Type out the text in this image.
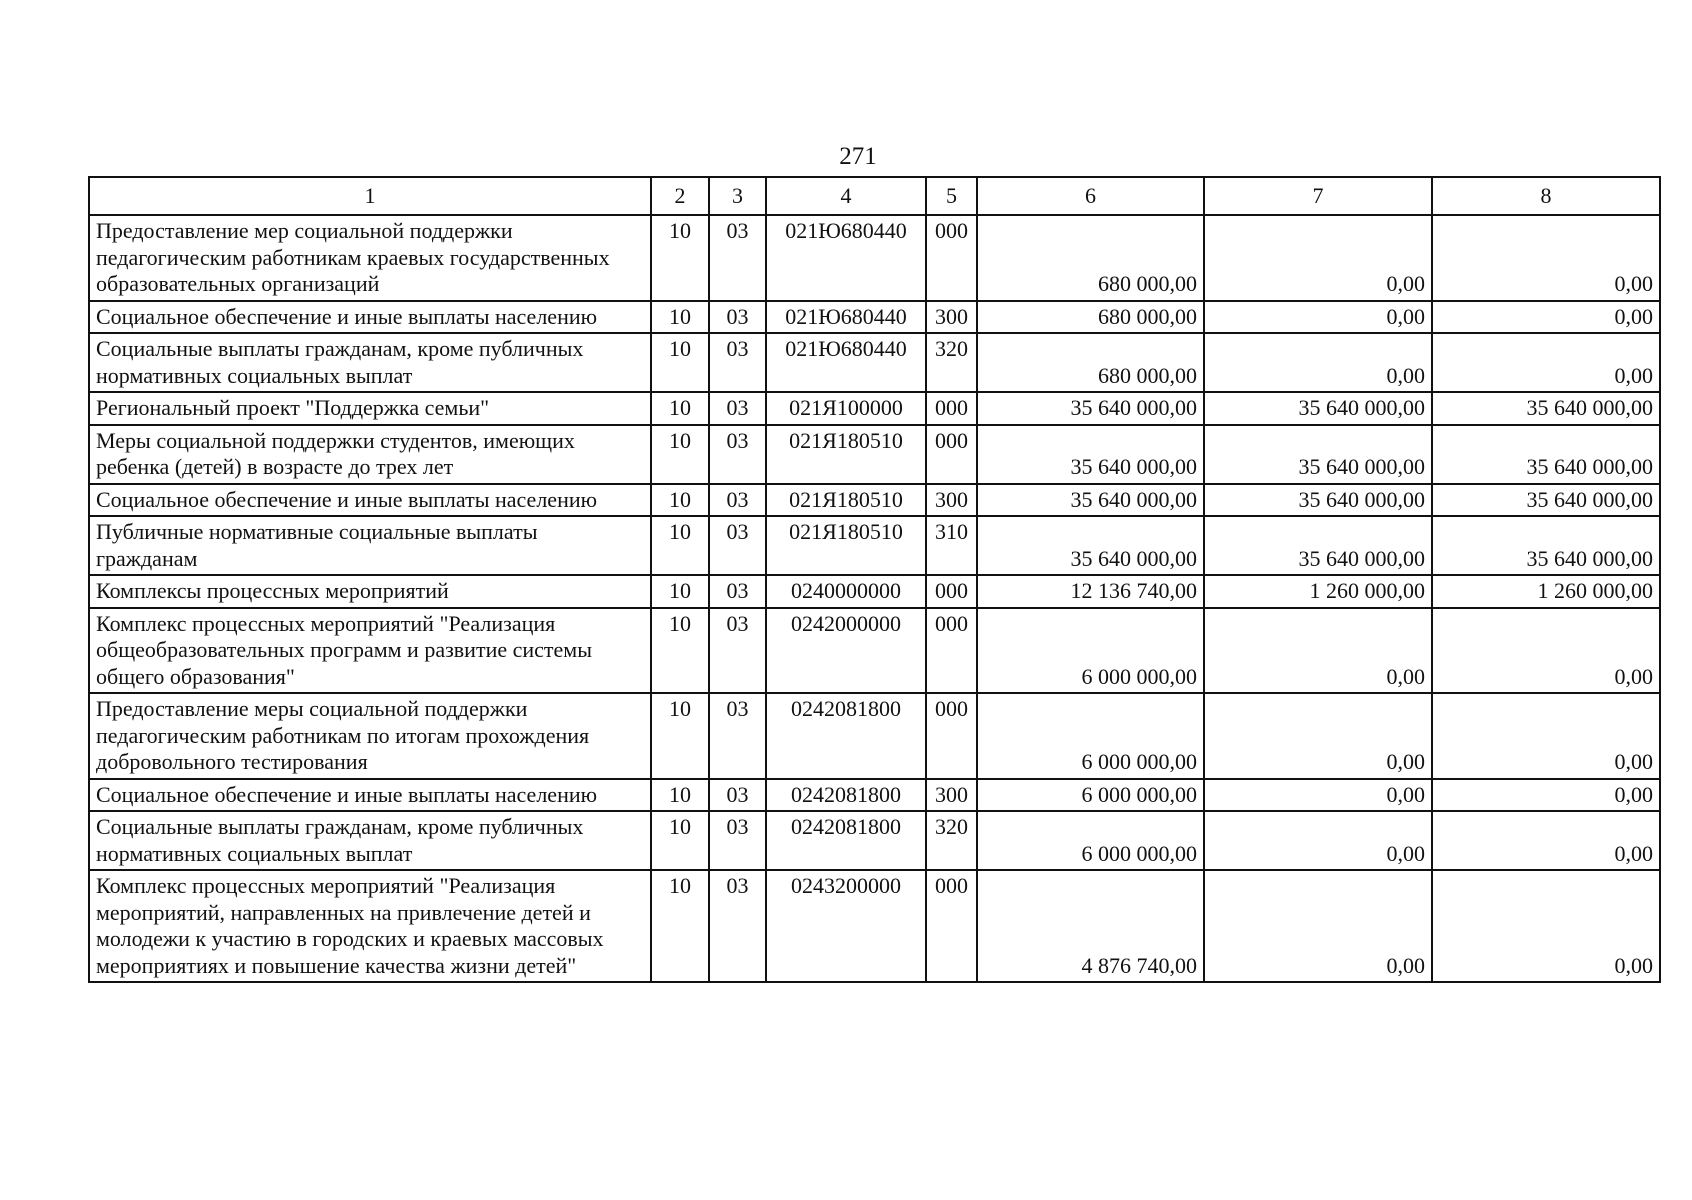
271
1	2	3	4	5	6	7	8
Предоставление мер социальной поддержки педагогическим работникам краевых государственных образовательных организаций	10	03	021Ю680440	000	680 000,00	0,00	0,00
Социальное обеспечение и иные выплаты населению	10	03	021Ю680440	300	680 000,00	0,00	0,00
Социальные выплаты гражданам, кроме публичных нормативных социальных выплат	10	03	021Ю680440	320	680 000,00	0,00	0,00
Региональный проект "Поддержка семьи"	10	03	021Я100000	000	35 640 000,00	35 640 000,00	35 640 000,00
Меры социальной поддержки студентов, имеющих ребенка (детей) в возрасте до трех лет	10	03	021Я180510	000	35 640 000,00	35 640 000,00	35 640 000,00
Социальное обеспечение и иные выплаты населению	10	03	021Я180510	300	35 640 000,00	35 640 000,00	35 640 000,00
Публичные нормативные социальные выплаты гражданам	10	03	021Я180510	310	35 640 000,00	35 640 000,00	35 640 000,00
Комплексы процессных мероприятий	10	03	0240000000	000	12 136 740,00	1 260 000,00	1 260 000,00
Комплекс процессных мероприятий "Реализация общеобразовательных программ и развитие системы общего образования"	10	03	0242000000	000	6 000 000,00	0,00	0,00
Предоставление меры социальной поддержки педагогическим работникам по итогам прохождения добровольного тестирования	10	03	0242081800	000	6 000 000,00	0,00	0,00
Социальное обеспечение и иные выплаты населению	10	03	0242081800	300	6 000 000,00	0,00	0,00
Социальные выплаты гражданам, кроме публичных нормативных социальных выплат	10	03	0242081800	320	6 000 000,00	0,00	0,00
Комплекс процессных мероприятий "Реализация мероприятий, направленных на привлечение детей и молодежи к участию в городских и краевых массовых мероприятиях и повышение качества жизни детей"	10	03	0243200000	000	4 876 740,00	0,00	0,00
